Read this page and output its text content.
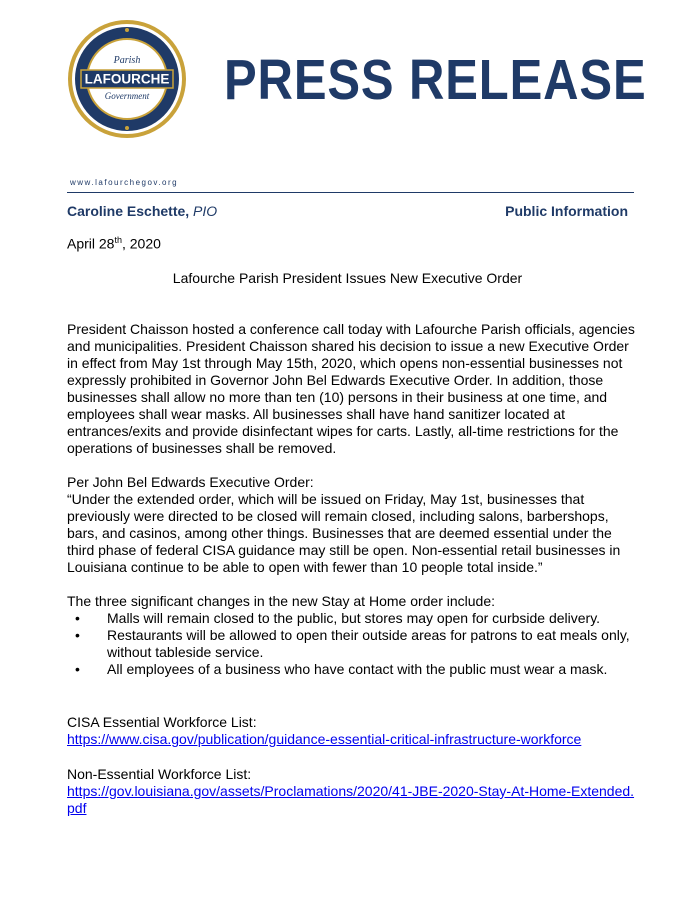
Parish
LAFOURCHE
Government PRESS RELEASE
www.lafourchegov.org
Caroline Eschette, PIO	Public Information
April 28th, 2020
Lafourche Parish President Issues New Executive Order

President Chaisson hosted a conference call today with Lafourche Parish officials, agencies and municipalities. President Chaisson shared his decision to issue a new Executive Order in effect from May 1st through May 15th, 2020, which opens non-essential businesses not expressly prohibited in Governor John Bel Edwards Executive Order. In addition, those businesses shall allow no more than ten (10) persons in their business at one time, and employees shall wear masks. All businesses shall have hand sanitizer located at entrances/exits and provide disinfectant wipes for carts. Lastly, all-time restrictions for the operations of businesses shall be removed.

Per John Bel Edwards Executive Order:

“Under the extended order, which will be issued on Friday, May 1st, businesses that previously were directed to be closed will remain closed, including salons, barbershops, bars, and casinos, among other things. Businesses that are deemed essential under the third phase of federal CISA guidance may still be open. Non-essential retail businesses in Louisiana continue to be able to open with fewer than 10 people total inside.”

The three significant changes in the new Stay at Home order include:
• Malls will remain closed to the public, but stores may open for curbside delivery.
• Restaurants will be allowed to open their outside areas for patrons to eat meals only, without tableside service.
• All employees of a business who have contact with the public must wear a mask.
CISA Essential Workforce List:
https://www.cisa.gov/publication/guidance-essential-critical-infrastructure-workforce
Non-Essential Workforce List:
https://gov.louisiana.gov/assets/Proclamations/2020/41-JBE-2020-Stay-At-Home-Extended.pdf
